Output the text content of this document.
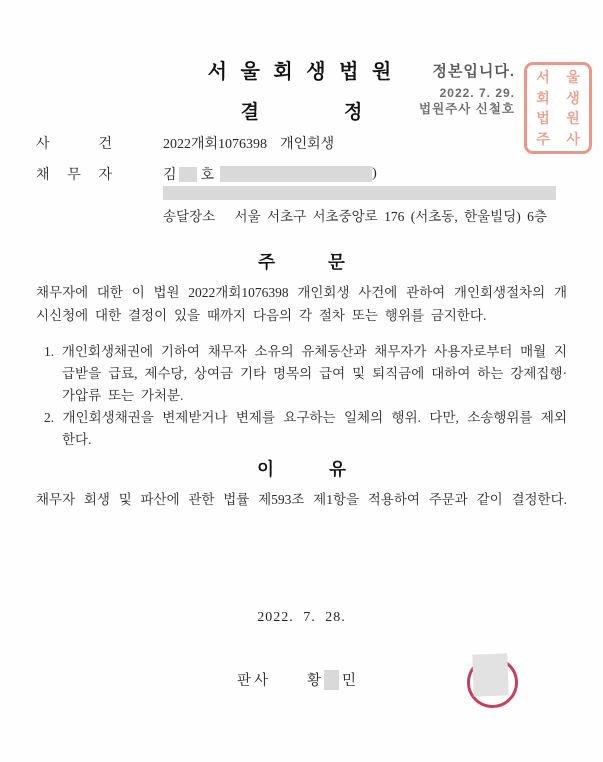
서 울 회 생 법 원
결	정
정본입니다.
2022. 7. 29.
법원주사 신철호
서 울
회 생
법 원
주 사
사	건	2022개회1076398 개인회생
채 무 자	김 호	)
송달장소 서울 서초구 서초중앙로 176 (서초동, 한울빌딩) 6층
주	문
채무자에 대한 이 법원 2022개회1076398 개인회생 사건에 관하여 개인회생절차의 개
시신청에 대한 결정이 있을 때까지 다음의 각 절차 또는 행위를 금지한다.
1. 개인회생채권에 기하여 채무자 소유의 유체동산과 채무자가 사용자로부터 매월 지
급받을 급료, 제수당, 상여금 기타 명목의 급여 및 퇴직금에 대하여 하는 강제집행·
가압류 또는 가처분.
2. 개인회생채권을 변제받거나 변제를 요구하는 일체의 행위. 다만, 소송행위를 제외
한다.
이	유
채무자 회생 및 파산에 관한 법률 제593조 제1항을 적용하여 주문과 같이 결정한다.
2022. 7. 28.
판사 황 민
